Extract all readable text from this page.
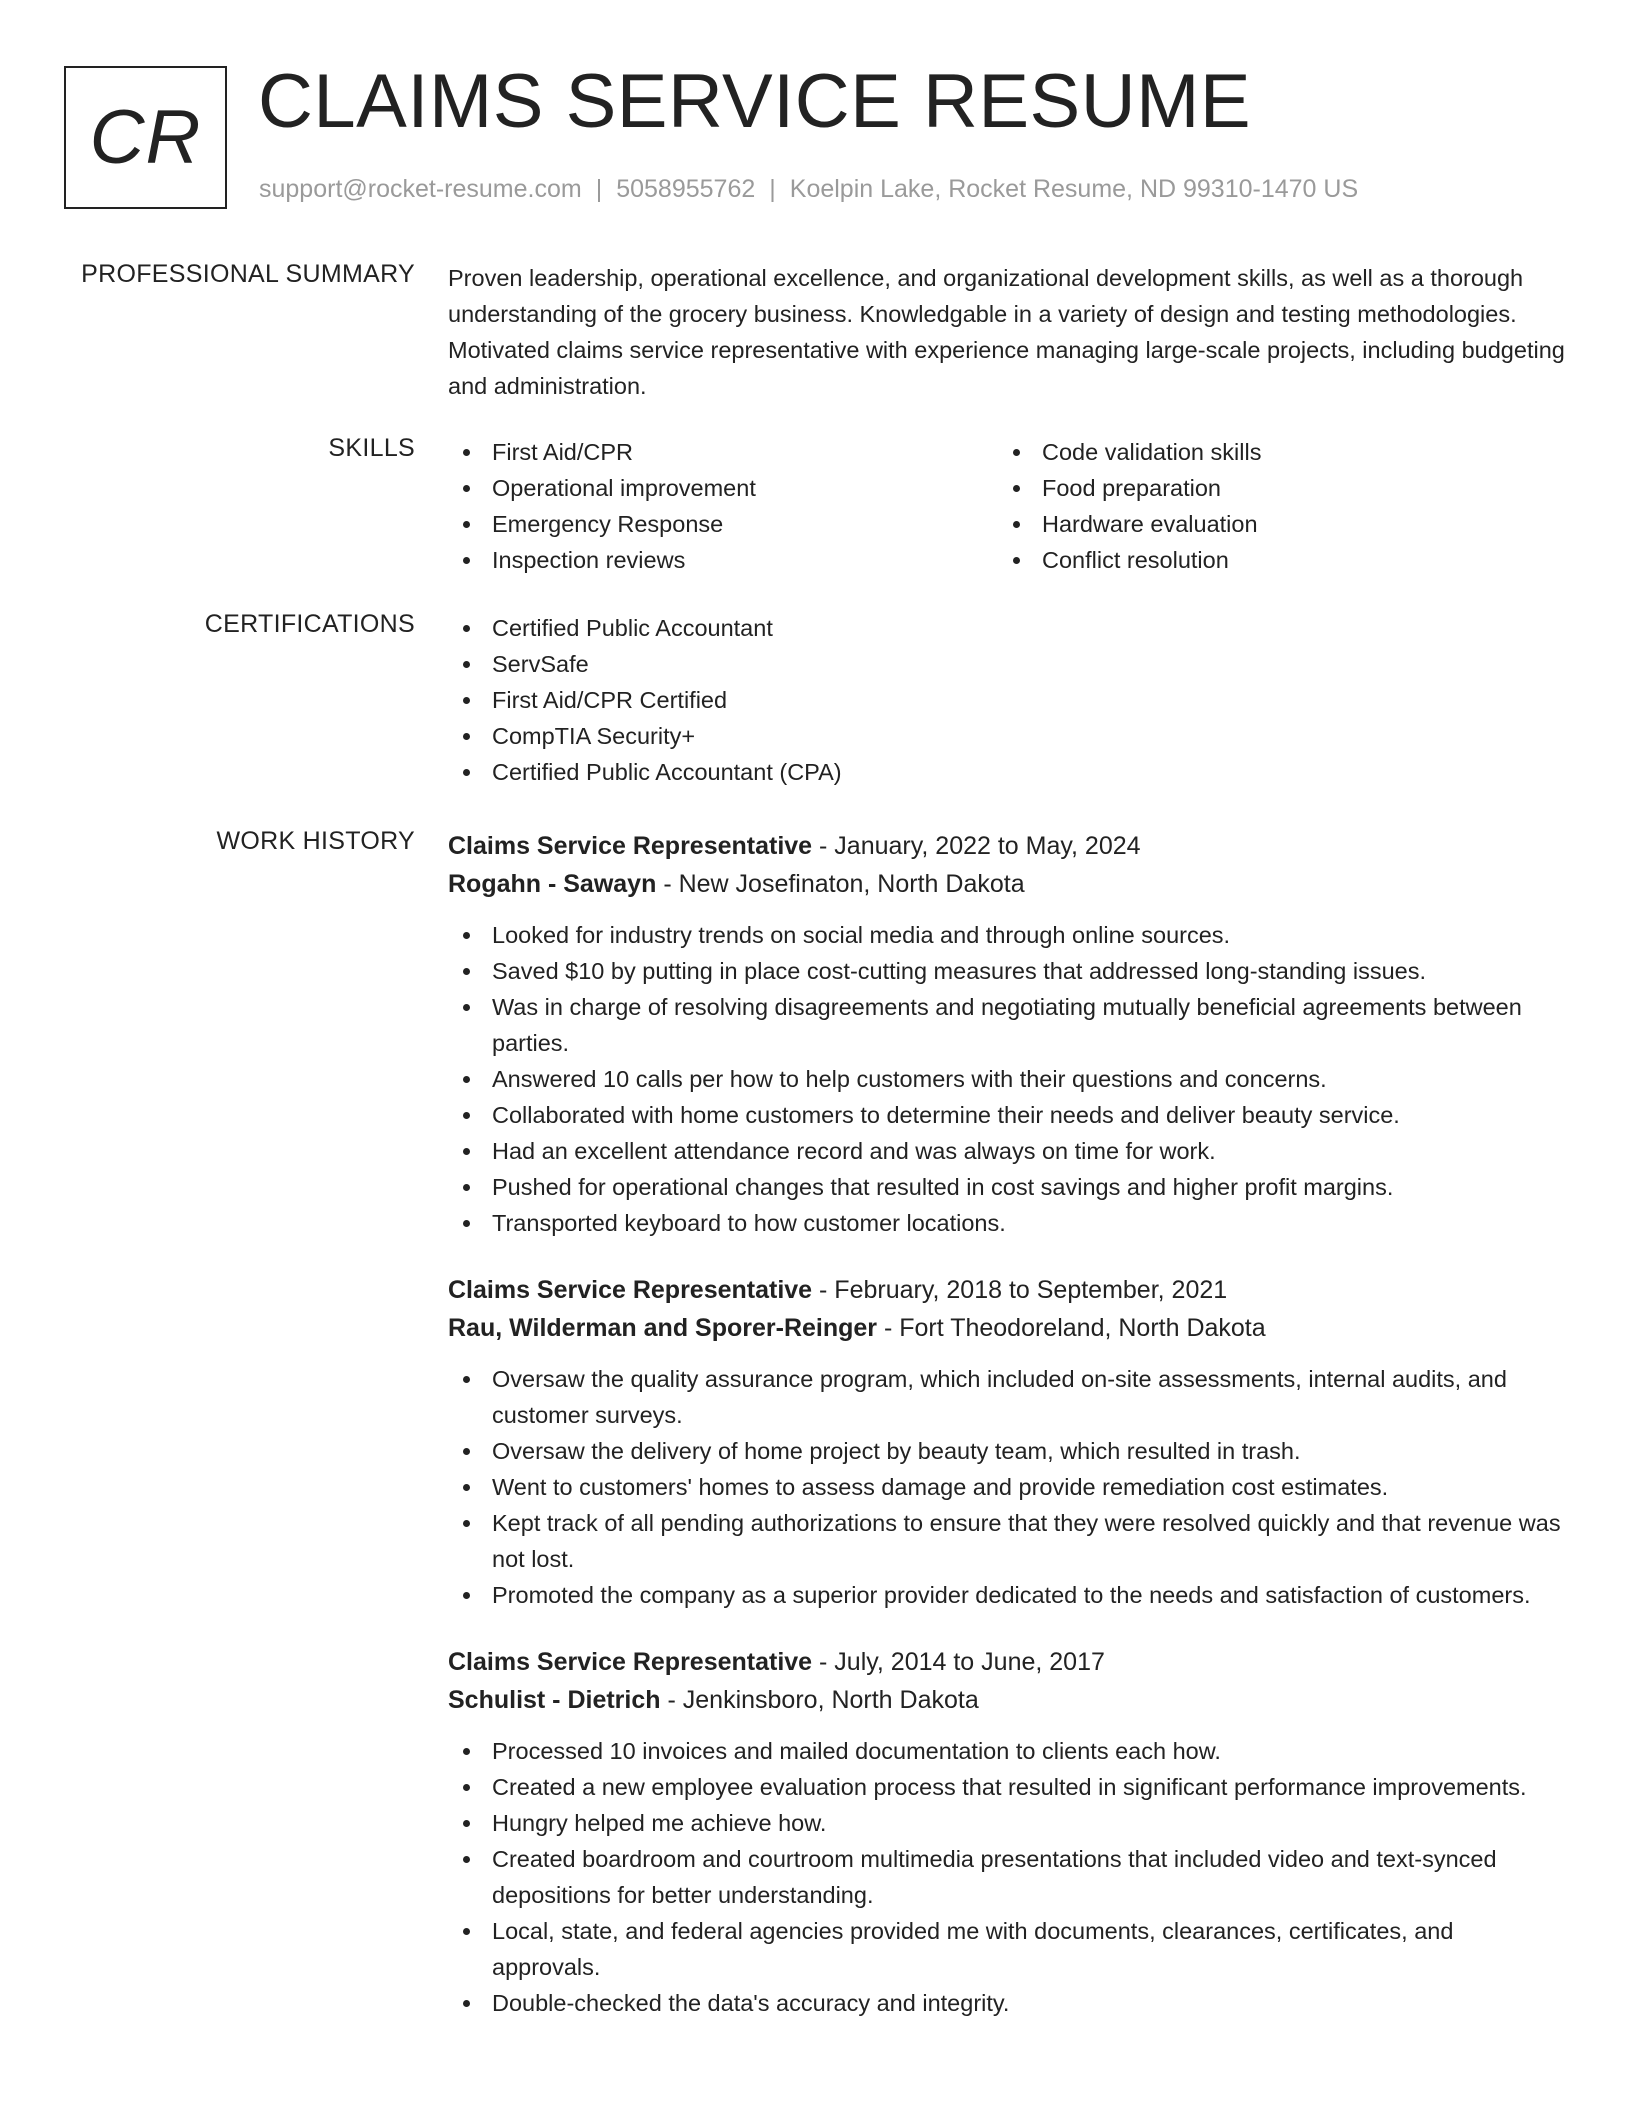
CR CLAIMS SERVICE RESUME
support@rocket-resume.com | 5058955762 | Koelpin Lake, Rocket Resume, ND 99310-1470 US
PROFESSIONAL SUMMARY Proven leadership, operational excellence, and organizational development skills, as well as a thorough understanding of the grocery business. Knowledgable in a variety of design and testing methodologies. Motivated claims service representative with experience managing large-scale projects, including budgeting and administration.
SKILLS	First Aid/CPR
Operational improvement
Emergency Response
Inspection reviews
Code validation skills
Food preparation
Hardware evaluation
Conflict resolution
CERTIFICATIONS	Certified Public Accountant
ServSafe
First Aid/CPR Certified
CompTIA Security+
Certified Public Accountant (CPA)
WORK HISTORY Claims Service Representative - January, 2022 to May, 2024
Rogahn - Sawayn - New Josefinaton, North Dakota
Looked for industry trends on social media and through online sources.
Saved $10 by putting in place cost-cutting measures that addressed long-standing issues.
Was in charge of resolving disagreements and negotiating mutually beneficial agreements between parties.
Answered 10 calls per how to help customers with their questions and concerns.
Collaborated with home customers to determine their needs and deliver beauty service.
Had an excellent attendance record and was always on time for work.
Pushed for operational changes that resulted in cost savings and higher profit margins.
Transported keyboard to how customer locations.
Claims Service Representative - February, 2018 to September, 2021
Rau, Wilderman and Sporer-Reinger - Fort Theodoreland, North Dakota
Oversaw the quality assurance program, which included on-site assessments, internal audits, and customer surveys.
Oversaw the delivery of home project by beauty team, which resulted in trash.
Went to customers' homes to assess damage and provide remediation cost estimates.
Kept track of all pending authorizations to ensure that they were resolved quickly and that revenue was not lost.
Promoted the company as a superior provider dedicated to the needs and satisfaction of customers.
Claims Service Representative - July, 2014 to June, 2017
Schulist - Dietrich - Jenkinsboro, North Dakota
Processed 10 invoices and mailed documentation to clients each how.
Created a new employee evaluation process that resulted in significant performance improvements.
Hungry helped me achieve how.
Created boardroom and courtroom multimedia presentations that included video and text-synced depositions for better understanding.
Local, state, and federal agencies provided me with documents, clearances, certificates, and approvals.
Double-checked the data's accuracy and integrity.
